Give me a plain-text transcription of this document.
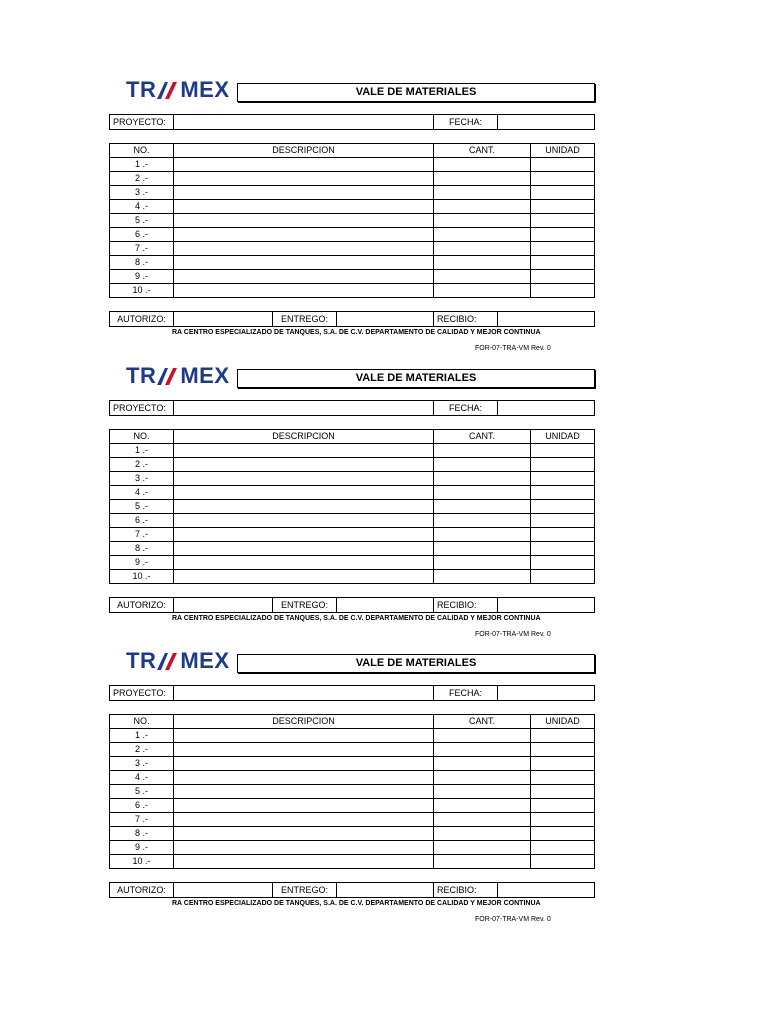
TR MEX	VALE DE MATERIALES
PROYECTO:	FECHA:
NO.	DESCRIPCION	CANT.	UNIDAD
1 .-			
2 .-			
3 .-			
4 .-			
5 .-			
6 .-			
7 .-			
8 .-			
9 .-			
10 .-			
AUTORIZO:	ENTREGO:	RECIBIO:
RA CENTRO ESPECIALIZADO DE TANQUES, S.A. DE C.V. DEPARTAMENTO DE CALIDAD Y MEJOR CONTINUA
FOR-07-TRA-VM Rev. 0
TR MEX	VALE DE MATERIALES
PROYECTO:	FECHA:
NO.	DESCRIPCION	CANT.	UNIDAD
1 .-			
2 .-			
3 .-			
4 .-			
5 .-			
6 .-			
7 .-			
8 .-			
9 .-			
10 .-			
AUTORIZO:	ENTREGO:	RECIBIO:
RA CENTRO ESPECIALIZADO DE TANQUES, S.A. DE C.V. DEPARTAMENTO DE CALIDAD Y MEJOR CONTINUA
FOR-07-TRA-VM Rev. 0
TR MEX	VALE DE MATERIALES
PROYECTO:	FECHA:
NO.	DESCRIPCION	CANT.	UNIDAD
1 .-			
2 .-			
3 .-			
4 .-			
5 .-			
6 .-			
7 .-			
8 .-			
9 .-			
10 .-			
AUTORIZO:	ENTREGO:	RECIBIO:
RA CENTRO ESPECIALIZADO DE TANQUES, S.A. DE C.V. DEPARTAMENTO DE CALIDAD Y MEJOR CONTINUA
FOR-07-TRA-VM Rev. 0
